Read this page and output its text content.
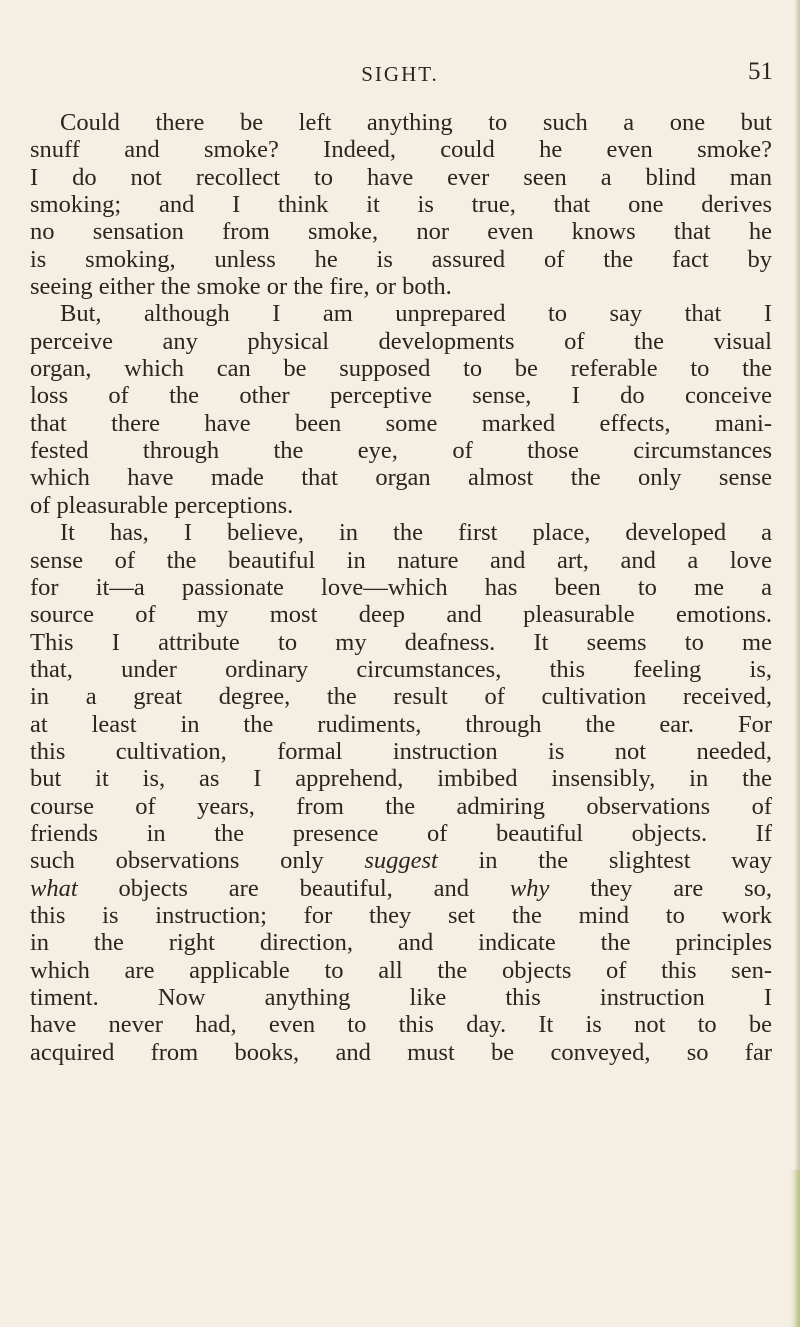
SIGHT.	51
Could there be left anything to such a one but
snuff and smoke? Indeed, could he even smoke?
I do not recollect to have ever seen a blind man
smoking; and I think it is true, that one derives
no sensation from smoke, nor even knows that he
is smoking, unless he is assured of the fact by
seeing either the smoke or the fire, or both.
But, although I am unprepared to say that I
perceive any physical developments of the visual
organ, which can be supposed to be referable to the
loss of the other perceptive sense, I do conceive
that there have been some marked effects, mani-
fested through the eye, of those circumstances
which have made that organ almost the only sense
of pleasurable perceptions.
It has, I believe, in the first place, developed a
sense of the beautiful in nature and art, and a love
for it—a passionate love—which has been to me a
source of my most deep and pleasurable emotions.
This I attribute to my deafness. It seems to me
that, under ordinary circumstances, this feeling is,
in a great degree, the result of cultivation received,
at least in the rudiments, through the ear. For
this cultivation, formal instruction is not needed,
but it is, as I apprehend, imbibed insensibly, in the
course of years, from the admiring observations of
friends in the presence of beautiful objects. If
such observations only suggest in the slightest way
what objects are beautiful, and why they are so,
this is instruction; for they set the mind to work
in the right direction, and indicate the principles
which are applicable to all the objects of this sen-
timent. Now anything like this instruction I
have never had, even to this day. It is not to be
acquired from books, and must be conveyed, so far
